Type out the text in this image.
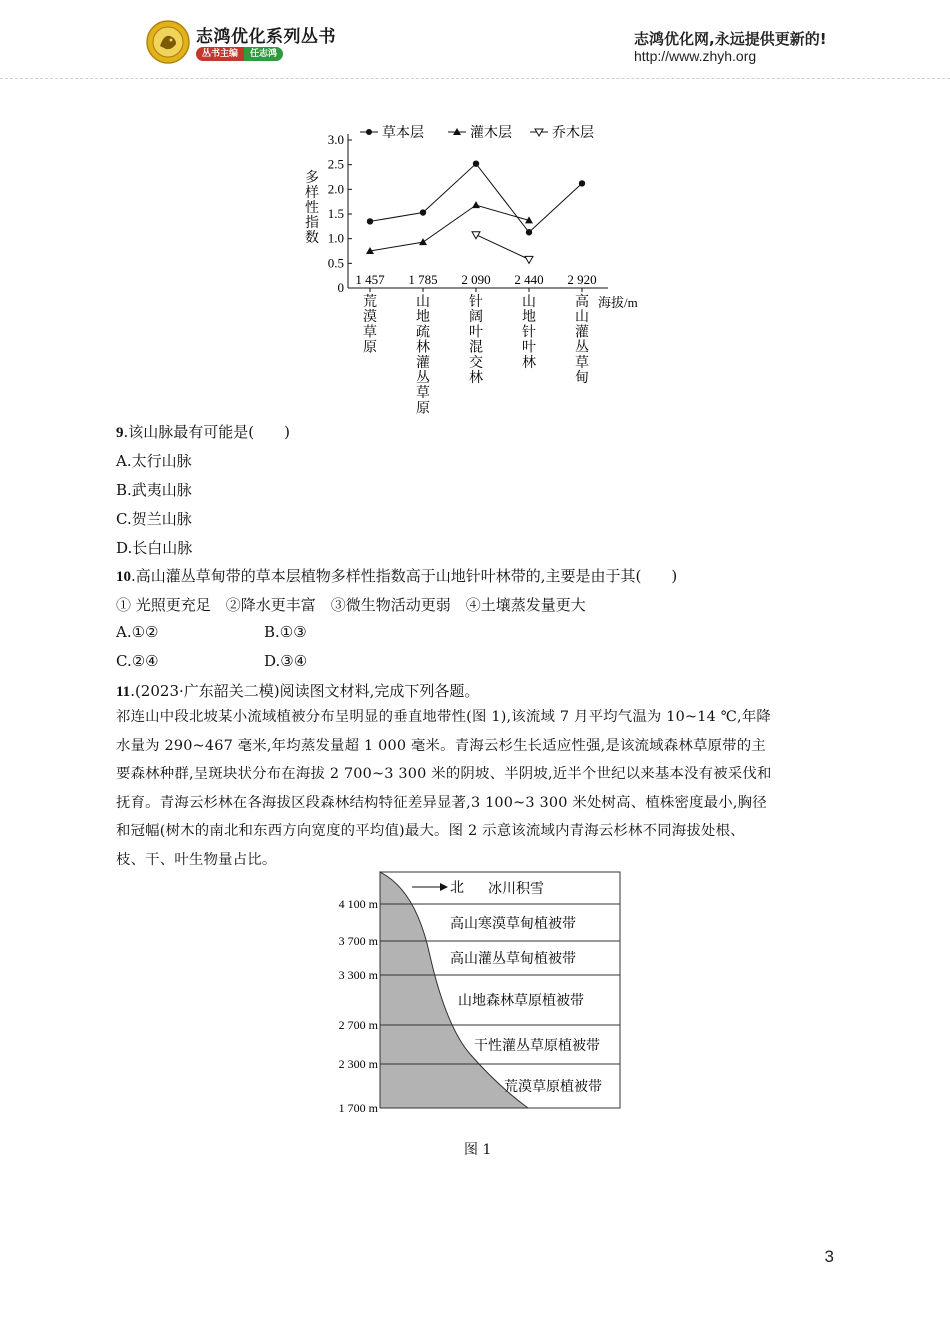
志鸿优化系列丛书
丛书主编	任志鸿
志鸿优化网,永远提供更新的!
http://www.zhyh.org
0
0.5
1.0
1.5
2.0
2.5
3.0
多
样
性
指
数
1 457 1 785 2 090 2 440 2 920
海拔/m
荒
漠
草
原
山
地
疏
林
灌
丛
草
原
针
阔
叶
混
交
林
山
地
针
叶
林
高
山
灌
丛
草
甸
草本层	灌木层	乔木层
9.该山脉最有可能是(　　)
A.太行山脉
B.武夷山脉
C.贺兰山脉
D.长白山脉
10.高山灌丛草甸带的草本层植物多样性指数高于山地针叶林带的,主要是由于其(　　)
① 光照更充足　②降水更丰富　③微生物活动更弱　④土壤蒸发量更大
A.①②	B.①③
C.②④	D.③④
11.(2023·广东韶关二模)阅读图文材料,完成下列各题。
祁连山中段北坡某小流域植被分布呈明显的垂直地带性(图 1),该流域 7 月平均气温为 10~14 ℃,年降
水量为 290~467 毫米,年均蒸发量超 1 000 毫米。青海云杉生长适应性强,是该流域森林草原带的主
要森林种群,呈斑块状分布在海拔 2 700~3 300 米的阴坡、半阴坡,近半个世纪以来基本没有被采伐和
抚育。青海云杉林在各海拔区段森林结构特征差异显著,3 100~3 300 米处树高、植株密度最小,胸径
和冠幅(树木的南北和东西方向宽度的平均值)最大。图 2 示意该流域内青海云杉林不同海拔处根、
枝、干、叶生物量占比。
4 100 m
3 700 m
3 300 m
2 700 m
2 300 m
1 700 m
北 冰川积雪
高山寒漠草甸植被带
高山灌丛草甸植被带
山地森林草原植被带
干性灌丛草原植被带
荒漠草原植被带
图 1
3
